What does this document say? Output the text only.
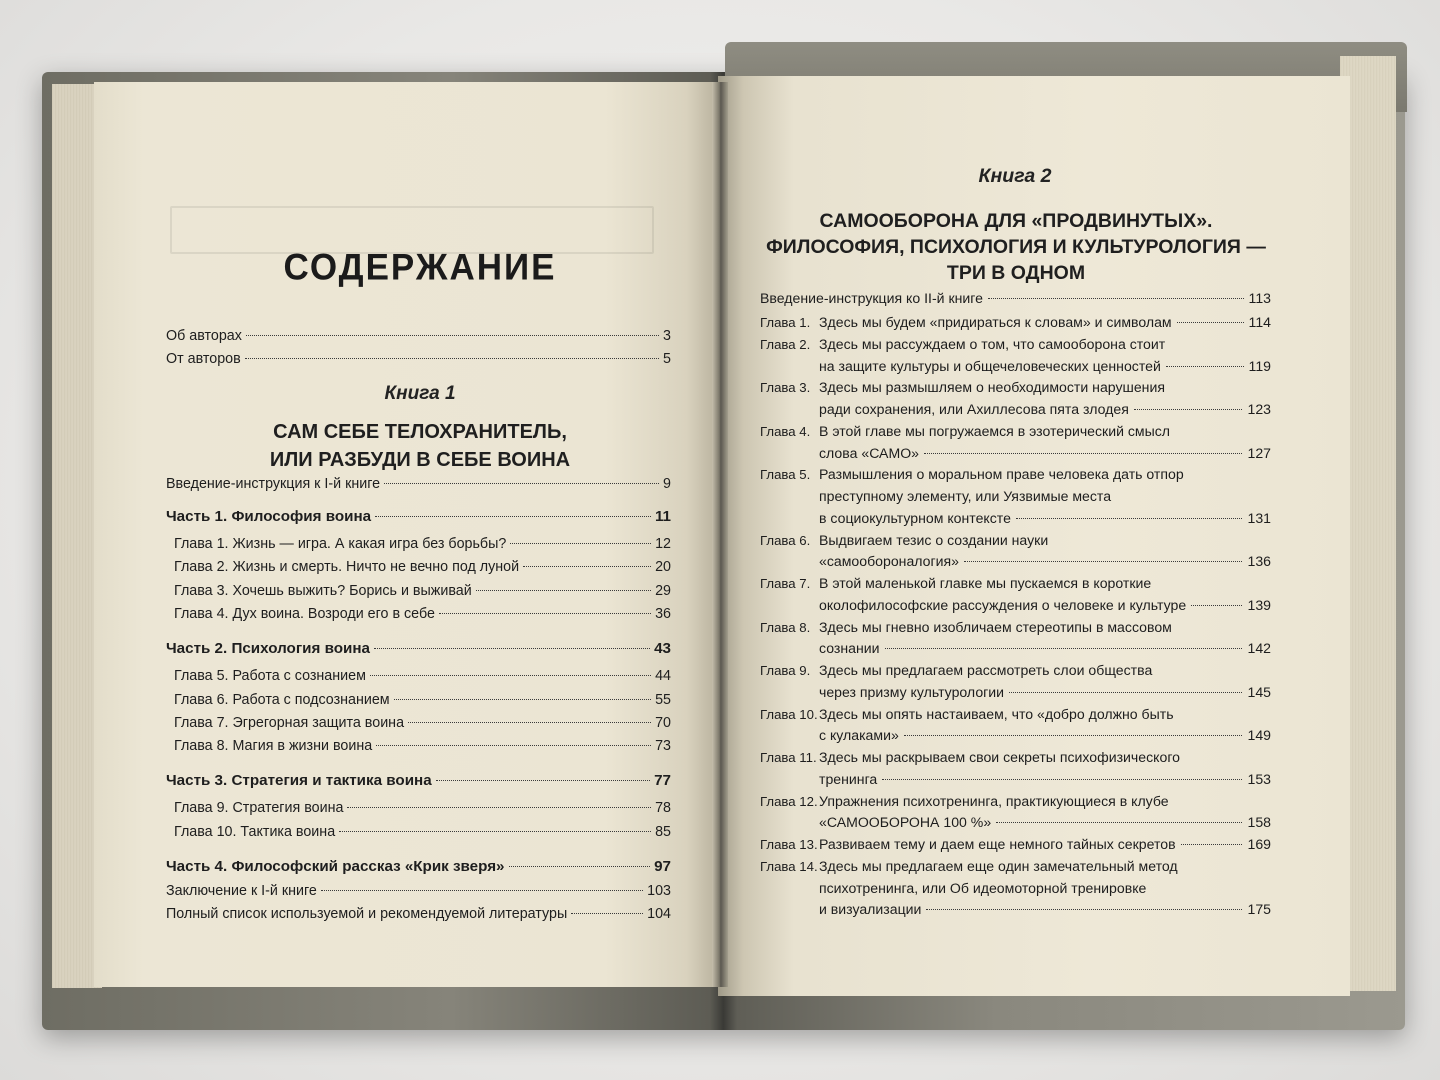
СОДЕРЖАНИЕ
Об авторах	3
От авторов	5
Книга 1
САМ СЕБЕ ТЕЛОХРАНИТЕЛЬ,
ИЛИ РАЗБУДИ В СЕБЕ ВОИНА
Введение-инструкция к I-й книге	9
Часть 1. Философия воина	11
Глава 1. Жизнь — игра. А какая игра без борьбы?	12
Глава 2. Жизнь и смерть. Ничто не вечно под луной	20
Глава 3. Хочешь выжить? Борись и выживай	29
Глава 4. Дух воина. Возроди его в себе	36
Часть 2. Психология воина	43
Глава 5. Работа с сознанием	44
Глава 6. Работа с подсознанием	55
Глава 7. Эгрегорная защита воина	70
Глава 8. Магия в жизни воина	73
Часть 3. Стратегия и тактика воина	77
Глава 9. Стратегия воина	78
Глава 10. Тактика воина	85
Часть 4. Философский рассказ «Крик зверя»	97
Заключение к I-й книге	103
Полный список используемой и рекомендуемой литературы	104
Книга 2
САМООБОРОНА ДЛЯ «ПРОДВИНУТЫХ».
ФИЛОСОФИЯ, ПСИХОЛОГИЯ И КУЛЬТУРОЛОГИЯ —
ТРИ В ОДНОМ
Введение-инструкция ко II-й книге	113
Глава 1. Здесь мы будем «придираться к словам» и символам	114
Глава 2. Здесь мы рассуждаем о том, что самооборона стоит
на защите культуры и общечеловеческих ценностей	119
Глава 3. Здесь мы размышляем о необходимости нарушения
ради сохранения, или Ахиллесова пята злодея	123
Глава 4. В этой главе мы погружаемся в эзотерический смысл
слова «САМО»	127
Глава 5. Размышления о моральном праве человека дать отпор
преступному элементу, или Уязвимые места
в социокультурном контексте	131
Глава 6. Выдвигаем тезис о создании науки
«самообороналогия»	136
Глава 7. В этой маленькой главке мы пускаемся в короткие
околофилософские рассуждения о человеке и культуре	139
Глава 8. Здесь мы гневно изобличаем стереотипы в массовом
сознании	142
Глава 9. Здесь мы предлагаем рассмотреть слои общества
через призму культурологии	145
Глава 10. Здесь мы опять настаиваем, что «добро должно быть
с кулаками»	149
Глава 11. Здесь мы раскрываем свои секреты психофизического
тренинга	153
Глава 12. Упражнения психотренинга, практикующиеся в клубе
«САМООБОРОНА 100 %»	158
Глава 13. Развиваем тему и даем еще немного тайных секретов	169
Глава 14. Здесь мы предлагаем еще один замечательный метод
психотренинга, или Об идеомоторной тренировке
и визуализации	175
